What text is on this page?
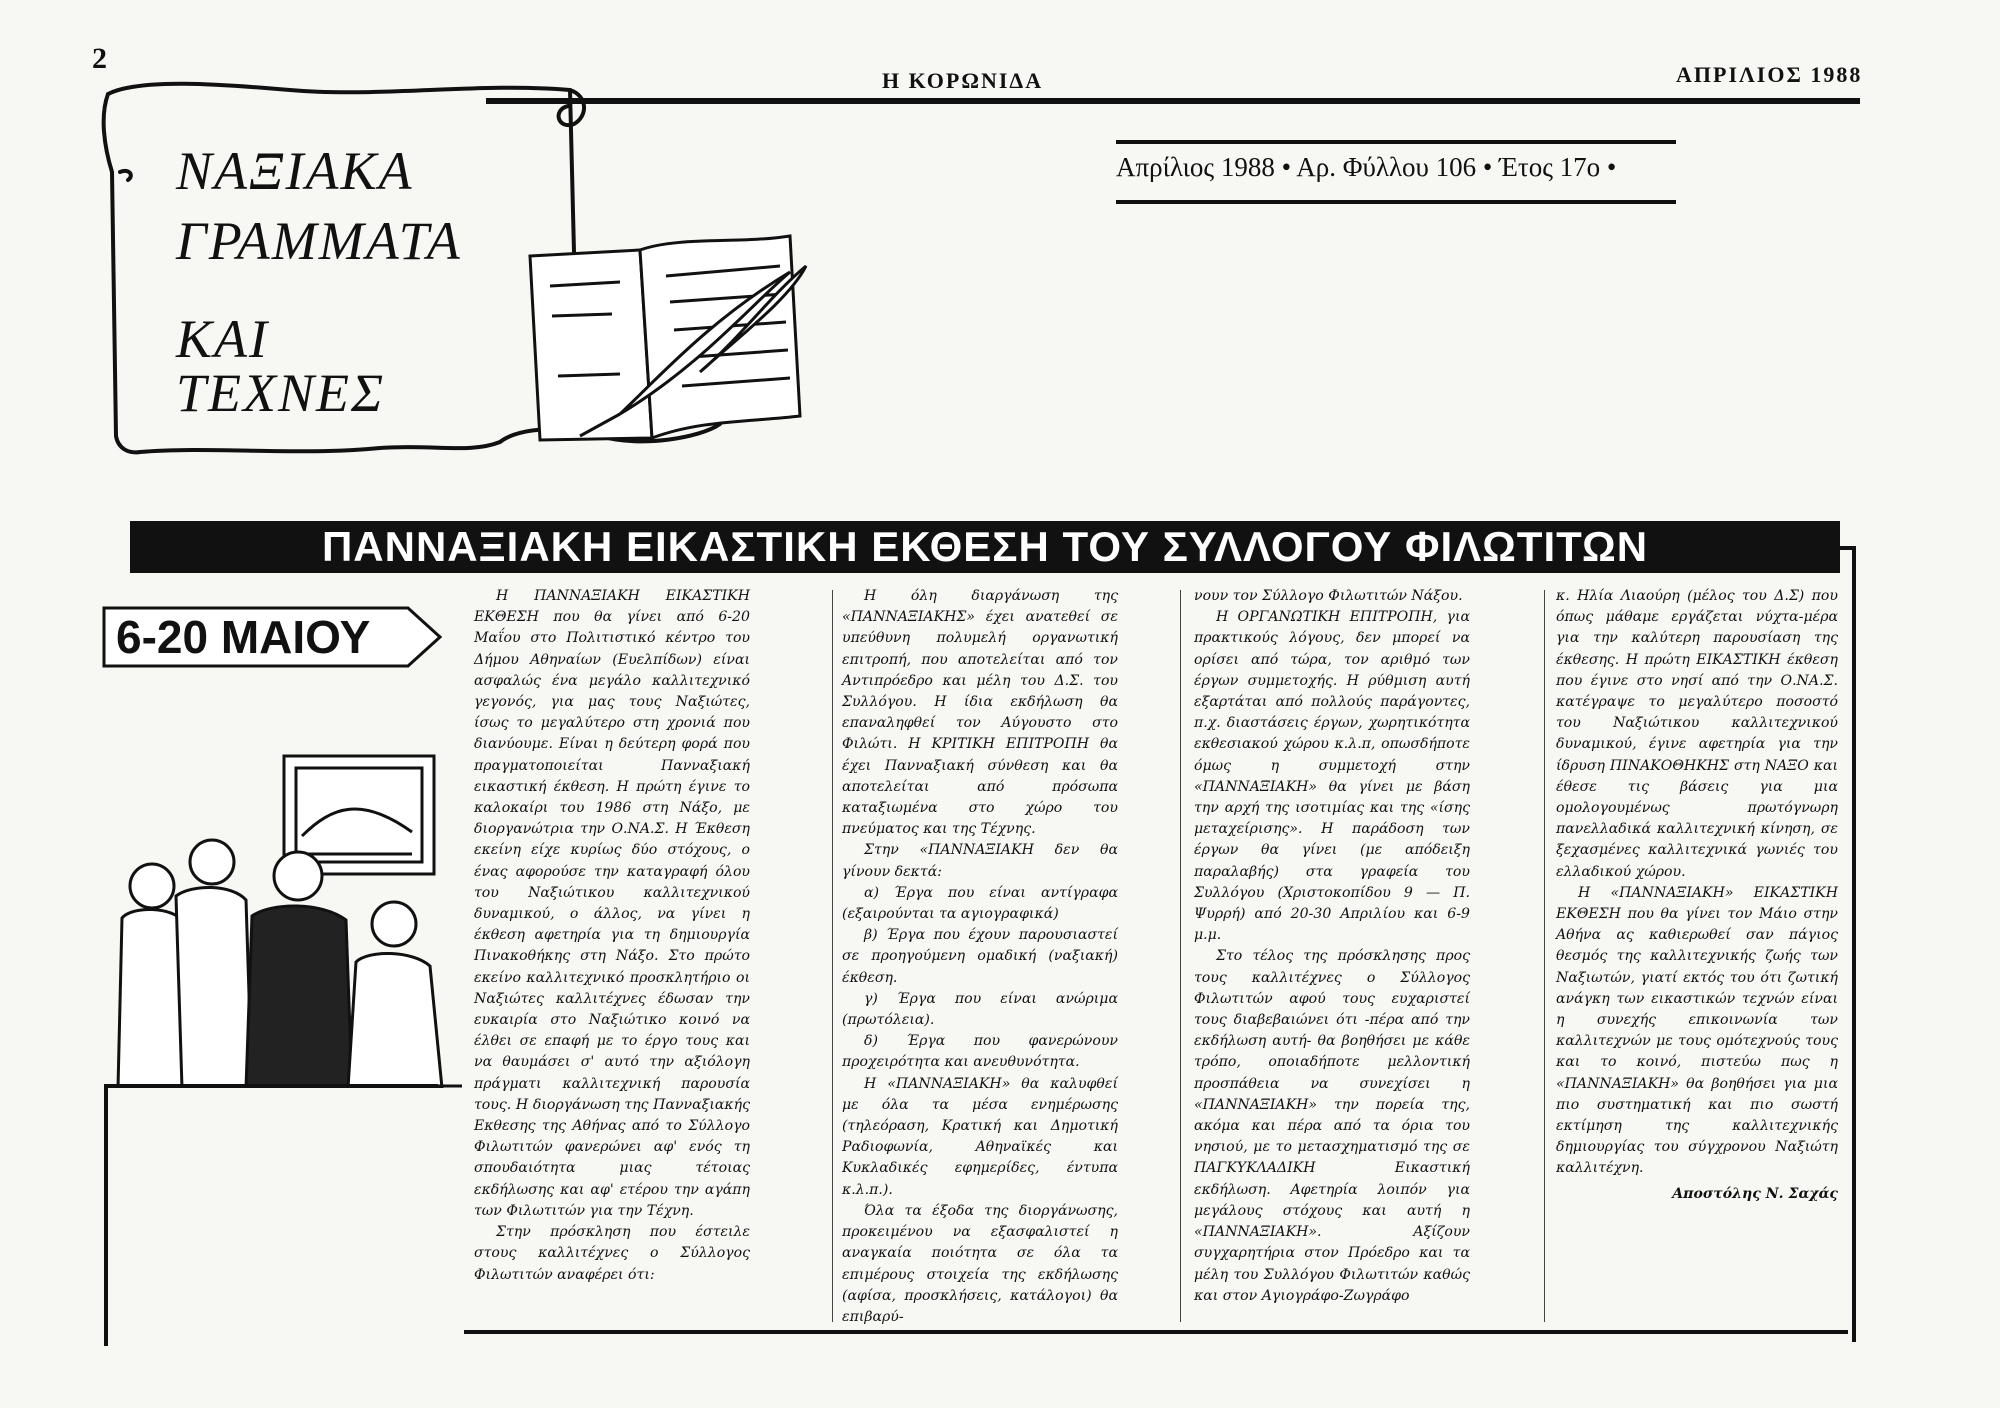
2
Η ΚΟΡΩΝΙΔΑ	ΑΠΡΙΛΙΟΣ 1988
Απρίλιος 1988 • Αρ. Φύλλου 106 • Έτος 17ο •
ΝΑΞΙΑΚΑ
ΓΡΑΜΜΑΤΑ
ΚΑΙ
ΤΕΧΝΕΣ
ΠΑΝΝΑΞΙΑΚΗ ΕΙΚΑΣΤΙΚΗ ΕΚΘΕΣΗ ΤΟΥ ΣΥΛΛΟΓΟΥ ΦΙΛΩΤΙΤΩΝ
6-20 ΜΑΙΟΥ

Η ΠΑΝΝΑΞΙΑΚΗ ΕΙΚΑΣΤΙΚΗ ΕΚΘΕΣΗ που θα γίνει από 6-20 Μαΐου στο Πολιτιστικό κέντρο του Δήμου Αθηναίων (Ευελπίδων) είναι ασφαλώς ένα μεγάλο καλλιτεχνικό γεγονός, για μας τους Ναξιώτες, ίσως το μεγαλύτερο στη χρονιά που διανύουμε. Είναι η δεύτερη φορά που πραγματοποιείται Πανναξιακή εικαστική έκθεση. Η πρώτη έγινε το καλοκαίρι του 1986 στη Νάξο, με διοργανώτρια την Ο.ΝΑ.Σ. Η Έκθεση εκείνη είχε κυρίως δύο στόχους, ο ένας αφορούσε την καταγραφή όλου του Ναξιώτικου καλλιτεχνικού δυναμικού, ο άλλος, να γίνει η έκθεση αφετηρία για τη δημιουργία Πινακοθήκης στη Νάξο. Στο πρώτο εκείνο καλλιτεχνικό προσκλητήριο οι Ναξιώτες καλλιτέχνες έδωσαν την ευκαιρία στο Ναξιώτικο κοινό να έλθει σε επαφή με το έργο τους και να θαυμάσει σ' αυτό την αξιόλογη πράγματι καλλιτεχνική παρουσία τους. Η διοργάνωση της Πανναξιακής Εκθεσης της Αθήνας από το Σύλλογο Φιλωτιτών φανερώνει αφ' ενός τη σπουδαιότητα μιας τέτοιας εκδήλωσης και αφ' ετέρου την αγάπη των Φιλωτιτών για την Τέχνη.

Στην πρόσκληση που έστειλε στους καλλιτέχνες ο Σύλλογος Φιλωτιτών αναφέρει ότι:

Η όλη διαργάνωση της «ΠΑΝΝΑΞΙΑΚΗΣ» έχει ανατεθεί σε υπεύθυνη πολυμελή οργανωτική επιτροπή, που αποτελείται από τον Αντιπρόεδρο και μέλη του Δ.Σ. του Συλλόγου. Η ίδια εκδήλωση θα επαναληφθεί τον Αύγουστο στο Φιλώτι. Η ΚΡΙΤΙΚΗ ΕΠΙΤΡΟΠΗ θα έχει Πανναξιακή σύνθεση και θα αποτελείται από πρόσωπα καταξιωμένα στο χώρο του πνεύματος και της Τέχνης.

Στην «ΠΑΝΝΑΞΙΑΚΗ δεν θα γίνουν δεκτά:

α) Έργα που είναι αντίγραφα (εξαιρούνται τα αγιογραφικά)

β) Έργα που έχουν παρουσιαστεί σε προηγούμενη ομαδική (ναξιακή) έκθεση.

γ) Έργα που είναι ανώριμα (πρωτόλεια).

δ) Έργα που φανερώνουν προχειρότητα και ανευθυνότητα.

Η «ΠΑΝΝΑΞΙΑΚΗ» θα καλυφθεί με όλα τα μέσα ενημέρωσης (τηλεόραση, Κρατική και Δημοτική Ραδιοφωνία, Αθηναϊκές και Κυκλαδικές εφημερίδες, έντυπα κ.λ.π.).

Όλα τα έξοδα της διοργάνωσης, προκειμένου να εξασφαλιστεί η αναγκαία ποιότητα σε όλα τα επιμέρους στοιχεία της εκδήλωσης (αφίσα, προσκλήσεις, κατάλογοι) θα επιβαρύ-

νουν τον Σύλλογο Φιλωτιτών Νάξου.

Η ΟΡΓΑΝΩΤΙΚΗ ΕΠΙΤΡΟΠΗ, για πρακτικούς λόγους, δεν μπορεί να ορίσει από τώρα, τον αριθμό των έργων συμμετοχής. Η ρύθμιση αυτή εξαρτάται από πολλούς παράγοντες, π.χ. διαστάσεις έργων, χωρητικότητα εκθεσιακού χώρου κ.λ.π, οπωσδήποτε όμως η συμμετοχή στην «ΠΑΝΝΑΞΙΑΚΗ» θα γίνει με βάση την αρχή της ισοτιμίας και της «ίσης μεταχείρισης». Η παράδοση των έργων θα γίνει (με απόδειξη παραλαβής) στα γραφεία του Συλλόγου (Χριστοκοπίδου 9 — Π. Ψυρρή) από 20-30 Απριλίου και 6-9 μ.μ.

Στο τέλος της πρόσκλησης προς τους καλλιτέχνες ο Σύλλογος Φιλωτιτών αφού τους ευχαριστεί τους διαβεβαιώνει ότι -πέρα από την εκδήλωση αυτή- θα βοηθήσει με κάθε τρόπο, οποιαδήποτε μελλοντική προσπάθεια να συνεχίσει η «ΠΑΝΝΑΞΙΑΚΗ» την πορεία της, ακόμα και πέρα από τα όρια του νησιού, με το μετασχηματισμό της σε ΠΑΓΚΥΚΛΑΔΙΚΗ Εικαστική εκδήλωση. Αφετηρία λοιπόν για μεγάλους στόχους και αυτή η «ΠΑΝΝΑΞΙΑΚΗ». Αξίζουν συγχαρητήρια στον Πρόεδρο και τα μέλη του Συλλόγου Φιλωτιτών καθώς και στον Αγιογράφο-Ζωγράφο

κ. Ηλία Λιαούρη (μέλος του Δ.Σ) που όπως μάθαμε εργάζεται νύχτα-μέρα για την καλύτερη παρουσίαση της έκθεσης. Η πρώτη ΕΙΚΑΣΤΙΚΗ έκθεση που έγινε στο νησί από την Ο.ΝΑ.Σ. κατέγραψε το μεγαλύτερο ποσοστό του Ναξιώτικου καλλιτεχνικού δυναμικού, έγινε αφετηρία για την ίδρυση ΠΙΝΑΚΟΘΗΚΗΣ στη ΝΑΞΟ και έθεσε τις βάσεις για μια ομολογουμένως πρωτόγνωρη πανελλαδικά καλλιτεχνική κίνηση, σε ξεχασμένες καλλιτεχνικά γωνιές του ελλαδικού χώρου.

Η «ΠΑΝΝΑΞΙΑΚΗ» ΕΙΚΑΣΤΙΚΗ ΕΚΘΕΣΗ που θα γίνει τον Μάιο στην Αθήνα ας καθιερωθεί σαν πάγιος θεσμός της καλλιτεχνικής ζωής των Ναξιωτών, γιατί εκτός του ότι ζωτική ανάγκη των εικαστικών τεχνών είναι η συνεχής επικοινωνία των καλλιτεχνών με τους ομότεχνούς τους και το κοινό, πιστεύω πως η «ΠΑΝΝΑΞΙΑΚΗ» θα βοηθήσει για μια πιο συστηματική και πιο σωστή εκτίμηση της καλλιτεχνικής δημιουργίας του σύγχρονου Ναξιώτη καλλιτέχνη.

Αποστόλης Ν. Σαχάς
